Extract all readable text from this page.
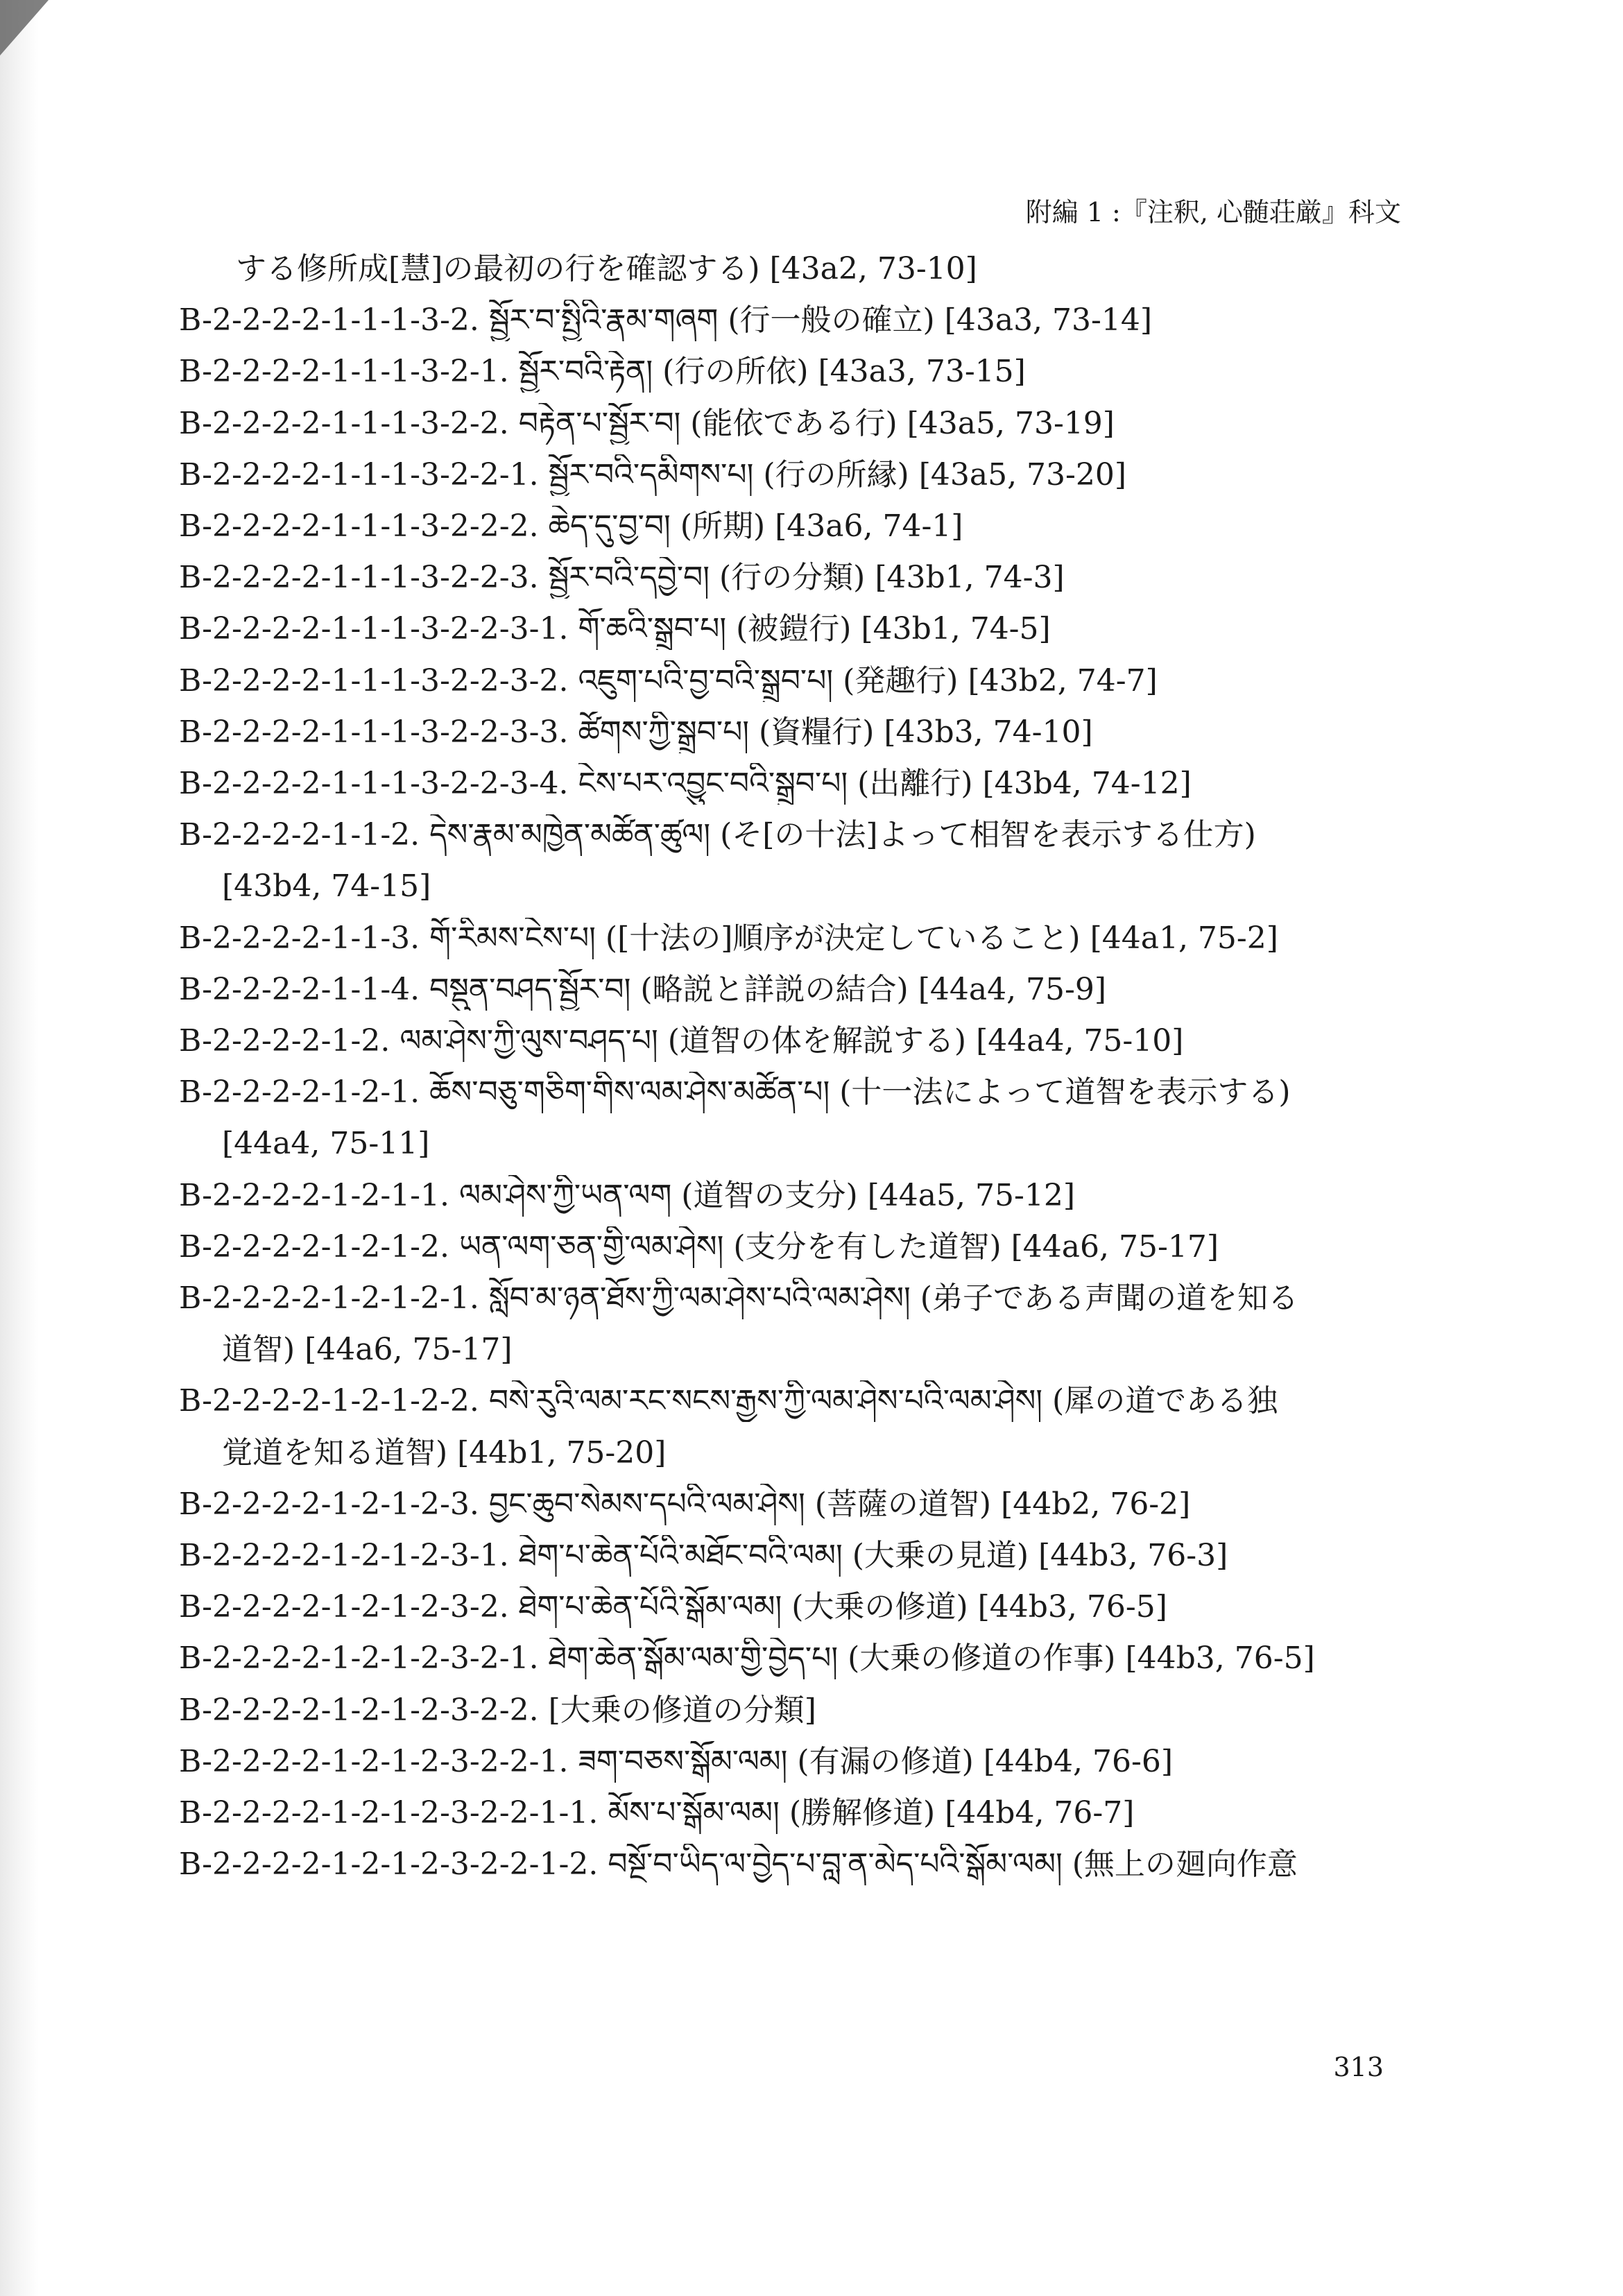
附編 1 :『注釈, 心髄荘厳』科文
する修所成[慧]の最初の行を確認する) [43a2, 73-10]
B-2-2-2-2-1-1-1-3-2. སྦྱོར་བ་སྤྱིའི་རྣམ་གཞག (行一般の確立) [43a3, 73-14]
B-2-2-2-2-1-1-1-3-2-1. སྦྱོར་བའི་རྟེན། (行の所依) [43a3, 73-15]
B-2-2-2-2-1-1-1-3-2-2. བརྟེན་པ་སྦྱོར་བ། (能依である行) [43a5, 73-19]
B-2-2-2-2-1-1-1-3-2-2-1. སྦྱོར་བའི་དམིགས་པ། (行の所縁) [43a5, 73-20]
B-2-2-2-2-1-1-1-3-2-2-2. ཆེད་དུ་བྱ་བ། (所期) [43a6, 74-1]
B-2-2-2-2-1-1-1-3-2-2-3. སྦྱོར་བའི་དབྱེ་བ། (行の分類) [43b1, 74-3]
B-2-2-2-2-1-1-1-3-2-2-3-1. གོ་ཆའི་སྒྲུབ་པ། (被鎧行) [43b1, 74-5]
B-2-2-2-2-1-1-1-3-2-2-3-2. འཇུག་པའི་བྱ་བའི་སྒྲུབ་པ། (発趣行) [43b2, 74-7]
B-2-2-2-2-1-1-1-3-2-2-3-3. ཚོགས་ཀྱི་སྒྲུབ་པ། (資糧行) [43b3, 74-10]
B-2-2-2-2-1-1-1-3-2-2-3-4. ངེས་པར་འབྱུང་བའི་སྒྲུབ་པ། (出離行) [43b4, 74-12]
B-2-2-2-2-1-1-2. དེས་རྣམ་མཁྱེན་མཚོན་ཚུལ། (そ[の十法]よって相智を表示する仕方)
[43b4, 74-15]
B-2-2-2-2-1-1-3. གོ་རིམས་ངེས་པ། ([十法の]順序が決定していること) [44a1, 75-2]
B-2-2-2-2-1-1-4. བསྡུན་བཤད་སྦྱོར་བ། (略説と詳説の結合) [44a4, 75-9]
B-2-2-2-2-1-2. ལམ་ཤེས་ཀྱི་ལུས་བཤད་པ། (道智の体を解説する) [44a4, 75-10]
B-2-2-2-2-1-2-1. ཆོས་བཅུ་གཅིག་གིས་ལམ་ཤེས་མཚོན་པ། (十一法によって道智を表示する)
[44a4, 75-11]
B-2-2-2-2-1-2-1-1. ལམ་ཤེས་ཀྱི་ཡན་ལག (道智の支分) [44a5, 75-12]
B-2-2-2-2-1-2-1-2. ཡན་ལག་ཅན་གྱི་ལམ་ཤེས། (支分を有した道智) [44a6, 75-17]
B-2-2-2-2-1-2-1-2-1. སློབ་མ་ཉན་ཐོས་ཀྱི་ལམ་ཤེས་པའི་ལམ་ཤེས། (弟子である声聞の道を知る
道智) [44a6, 75-17]
B-2-2-2-2-1-2-1-2-2. བསེ་རུའི་ལམ་རང་སངས་རྒྱས་ཀྱི་ལམ་ཤེས་པའི་ལམ་ཤེས། (犀の道である独
覚道を知る道智) [44b1, 75-20]
B-2-2-2-2-1-2-1-2-3. བྱང་ཆུབ་སེམས་དཔའི་ལམ་ཤེས། (菩薩の道智) [44b2, 76-2]
B-2-2-2-2-1-2-1-2-3-1. ཐེག་པ་ཆེན་པོའི་མཐོང་བའི་ལམ། (大乗の見道) [44b3, 76-3]
B-2-2-2-2-1-2-1-2-3-2. ཐེག་པ་ཆེན་པོའི་སྒོམ་ལམ། (大乗の修道) [44b3, 76-5]
B-2-2-2-2-1-2-1-2-3-2-1. ཐེག་ཆེན་སྒོམ་ལམ་གྱི་བྱེད་པ། (大乗の修道の作事) [44b3, 76-5]
B-2-2-2-2-1-2-1-2-3-2-2. [大乗の修道の分類]
B-2-2-2-2-1-2-1-2-3-2-2-1. ཟག་བཅས་སྒོམ་ལམ། (有漏の修道) [44b4, 76-6]
B-2-2-2-2-1-2-1-2-3-2-2-1-1. མོས་པ་སྒོམ་ལམ། (勝解修道) [44b4, 76-7]
B-2-2-2-2-1-2-1-2-3-2-2-1-2. བསྔོ་བ་ཡིད་ལ་བྱེད་པ་བླ་ན་མེད་པའི་སྒོམ་ལམ། (無上の廻向作意
313
